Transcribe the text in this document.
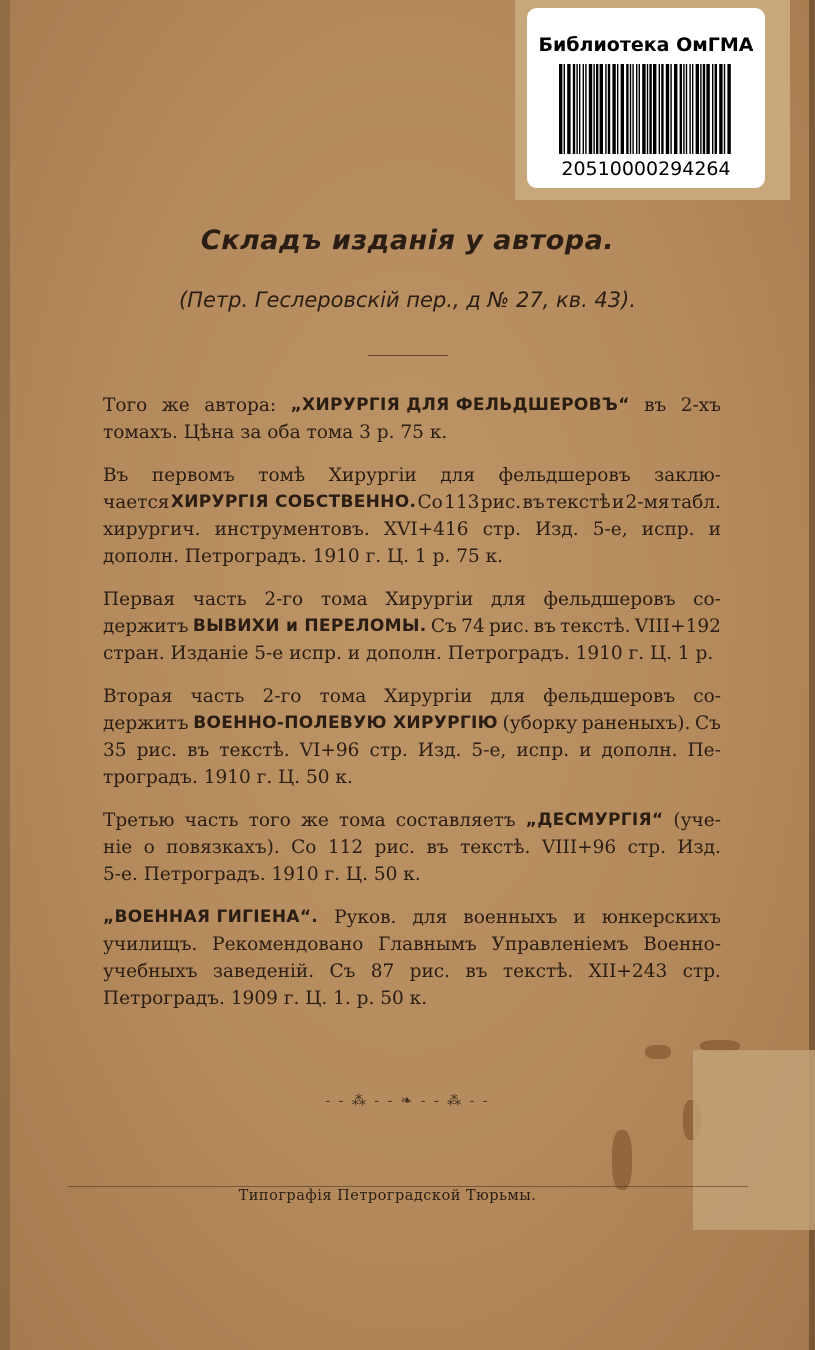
Библиотека ОмГМА
20510000294264
Складъ изданія у автора.
(Петр. Геслеровскій пер., д № 27, кв. 43).
Того же автора: „ХИРУРГІЯ ДЛЯ ФЕЛЬДШЕРОВЪ“ въ 2-хъ
томахъ. Цѣна за оба тома 3 р. 75 к.
Въ первомъ томѣ Хирургіи для фельдшеровъ заклю-
чается ХИРУРГІЯ СОБСТВЕННО. Со 113 рис. въ текстѣ и 2-мя табл.
хирургич. инструментовъ. XVI+416 стр. Изд. 5-е, испр. и
дополн. Петроградъ. 1910 г. Ц. 1 р. 75 к.
Первая часть 2-го тома Хирургіи для фельдшеровъ со-
держитъ ВЫВИХИ и ПЕРЕЛОМЫ. Съ 74 рис. въ текстѣ. VIII+192
стран. Изданіе 5-е испр. и дополн. Петроградъ. 1910 г. Ц. 1 р.
Вторая часть 2-го тома Хирургіи для фельдшеровъ со-
держитъ ВОЕННО-ПОЛЕВУЮ ХИРУРГІЮ (уборку раненыхъ). Съ
35 рис. въ текстѣ. VI+96 стр. Изд. 5-е, испр. и дополн. Пе-
троградъ. 1910 г. Ц. 50 к.
Третью часть того же тома составляетъ „ДЕСМУРГІЯ“ (уче-
ніе о повязкахъ). Со 112 рис. въ текстѣ. VIII+96 стр. Изд.
5-е. Петроградъ. 1910 г. Ц. 50 к.
„ВОЕННАЯ ГИГІЕНА“. Руков. для военныхъ и юнкерскихъ
училищъ. Рекомендовано Главнымъ Управленіемъ Военно-
учебныхъ заведеній. Съ 87 рис. въ текстѣ. XII+243 стр.
Петроградъ. 1909 г. Ц. 1. р. 50 к.
- - ⁂ - - ❧ - - ⁂ - -
Типографія Петроградской Тюрьмы.
